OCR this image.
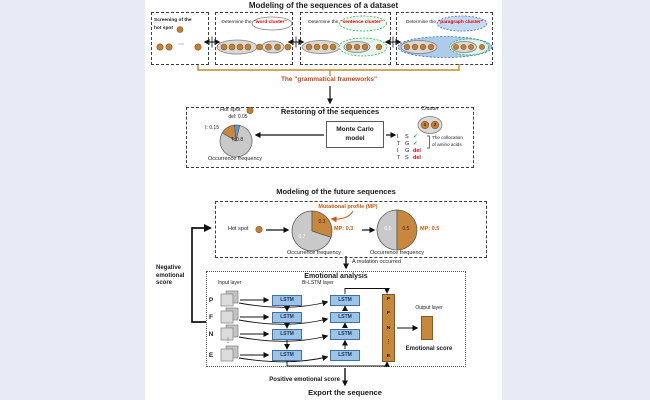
Modeling of the sequences of a dataset
Screening of the
hot spot
⋯
Determine the "word cluster"	Determine the "sentence cluster"	Determine the "paragraph cluster"
The "grammatical frameworks"
Restoring of the sequences
Hot spot
del: 0.05
I: 0.15
T: 0.8
Occurrence frequency
Monte Carlo
model
Cluster
1	2
I	S ✓
T G ✓
I	G del
T S del
The collocation
of amino acids
Modeling of the future sequences
Hot spot
Mutational profile (MP)
0.3
0.7
MP: 0.3
Occurrence frequency
0.5	0.5	MP: 0.5
Occurrence frequency
A mutation occurred
Emotional analysis
Input layer	Bi-LSTM layer
P
F
N
E
⋮
LSTM
LSTM
LSTM
LSTM
LSTM
LSTM
LSTM
LSTM
P
F
N
⋮
E
Output layer
Emotional score
Positive emotional score
Export the sequence
Negative
emotional
score
